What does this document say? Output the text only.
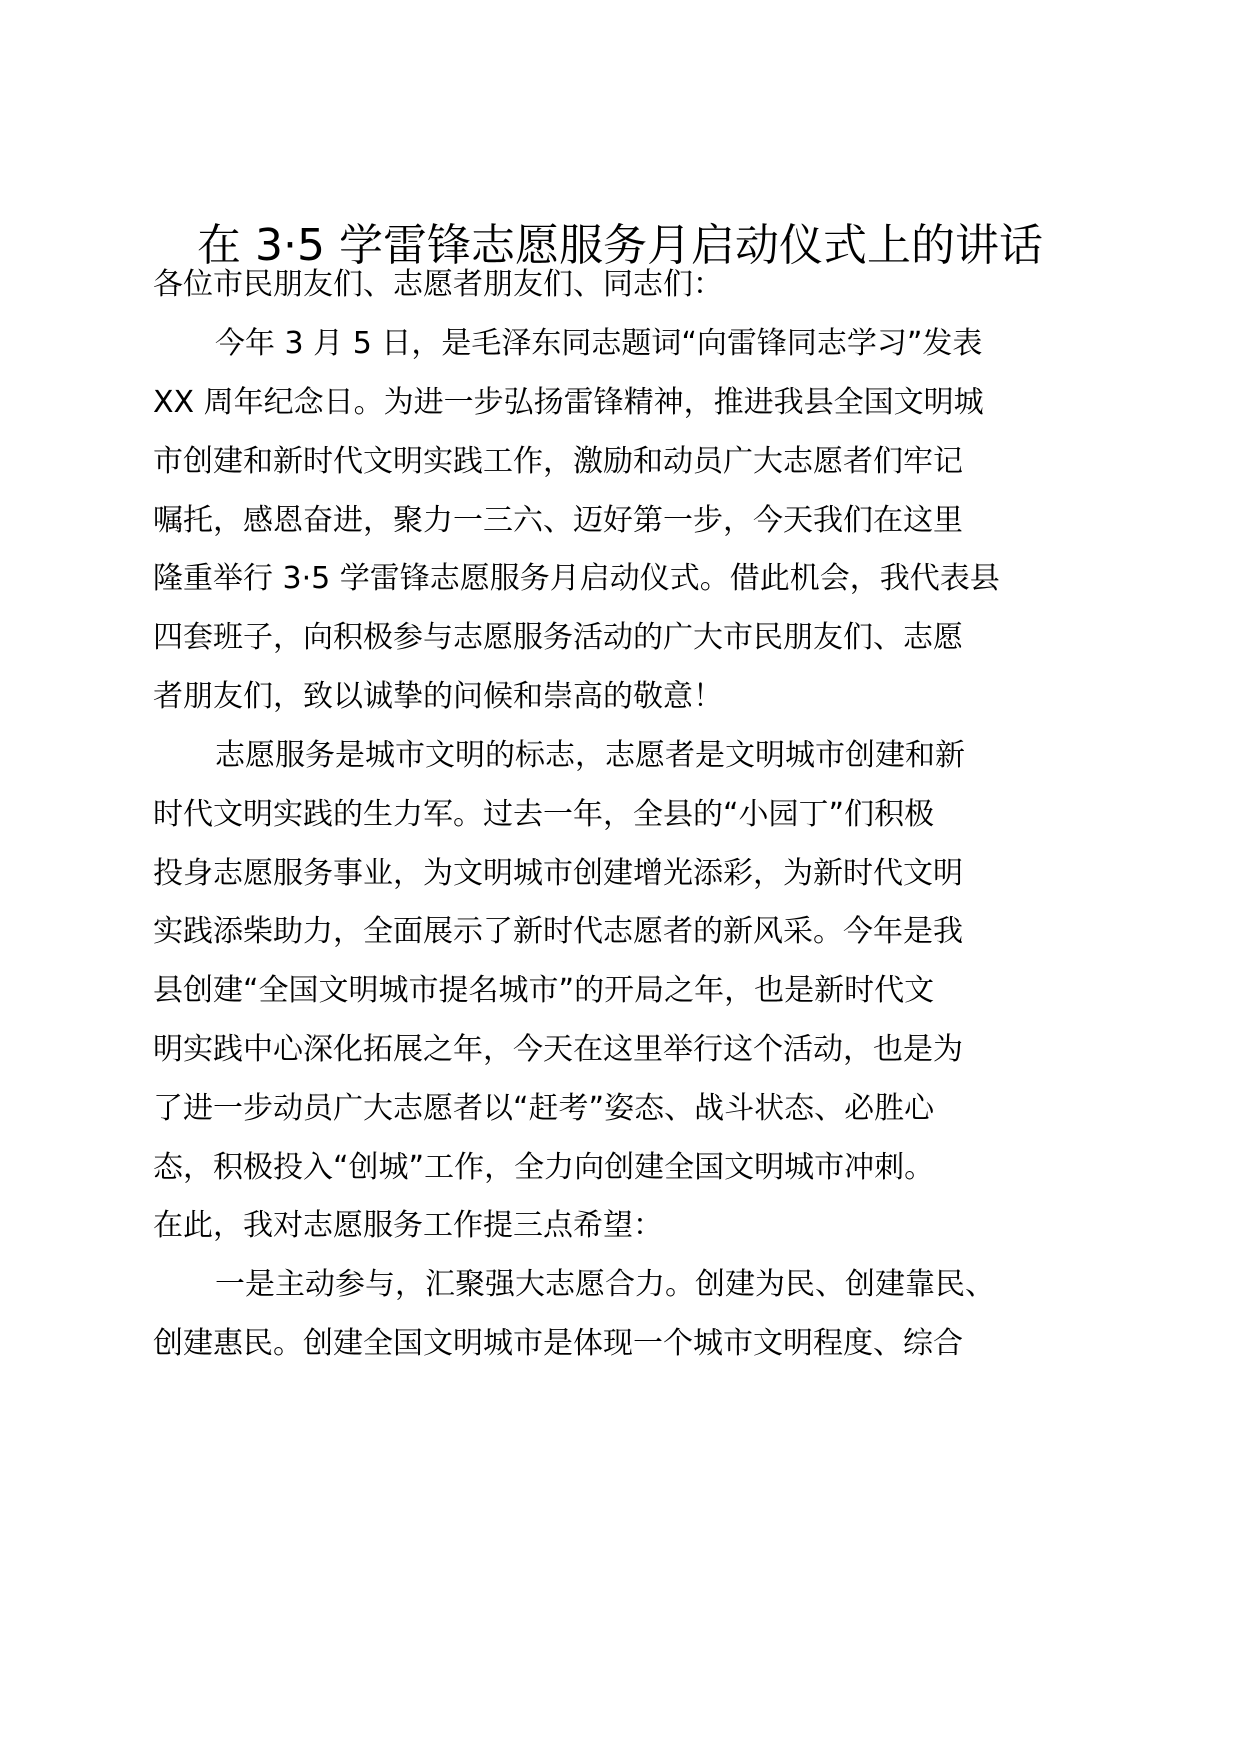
在 3·5 学雷锋志愿服务月启动仪式上的讲话
各位市民朋友们、志愿者朋友们、同志们：
今年 3 月 5 日，是毛泽东同志题词“向雷锋同志学习”发表
XX 周年纪念日。为进一步弘扬雷锋精神，推进我县全国文明城
市创建和新时代文明实践工作，激励和动员广大志愿者们牢记
嘱托，感恩奋进，聚力一三六、迈好第一步，今天我们在这里
隆重举行 3·5 学雷锋志愿服务月启动仪式。借此机会，我代表县
四套班子，向积极参与志愿服务活动的广大市民朋友们、志愿
者朋友们，致以诚挚的问候和崇高的敬意！
志愿服务是城市文明的标志，志愿者是文明城市创建和新
时代文明实践的生力军。过去一年，全县的“小园丁”们积极
投身志愿服务事业，为文明城市创建增光添彩，为新时代文明
实践添柴助力，全面展示了新时代志愿者的新风采。今年是我
县创建“全国文明城市提名城市”的开局之年，也是新时代文
明实践中心深化拓展之年，今天在这里举行这个活动，也是为
了进一步动员广大志愿者以“赶考”姿态、战斗状态、必胜心
态，积极投入“创城”工作，全力向创建全国文明城市冲刺。
在此，我对志愿服务工作提三点希望：
一是主动参与，汇聚强大志愿合力。创建为民、创建靠民、
创建惠民。创建全国文明城市是体现一个城市文明程度、综合
